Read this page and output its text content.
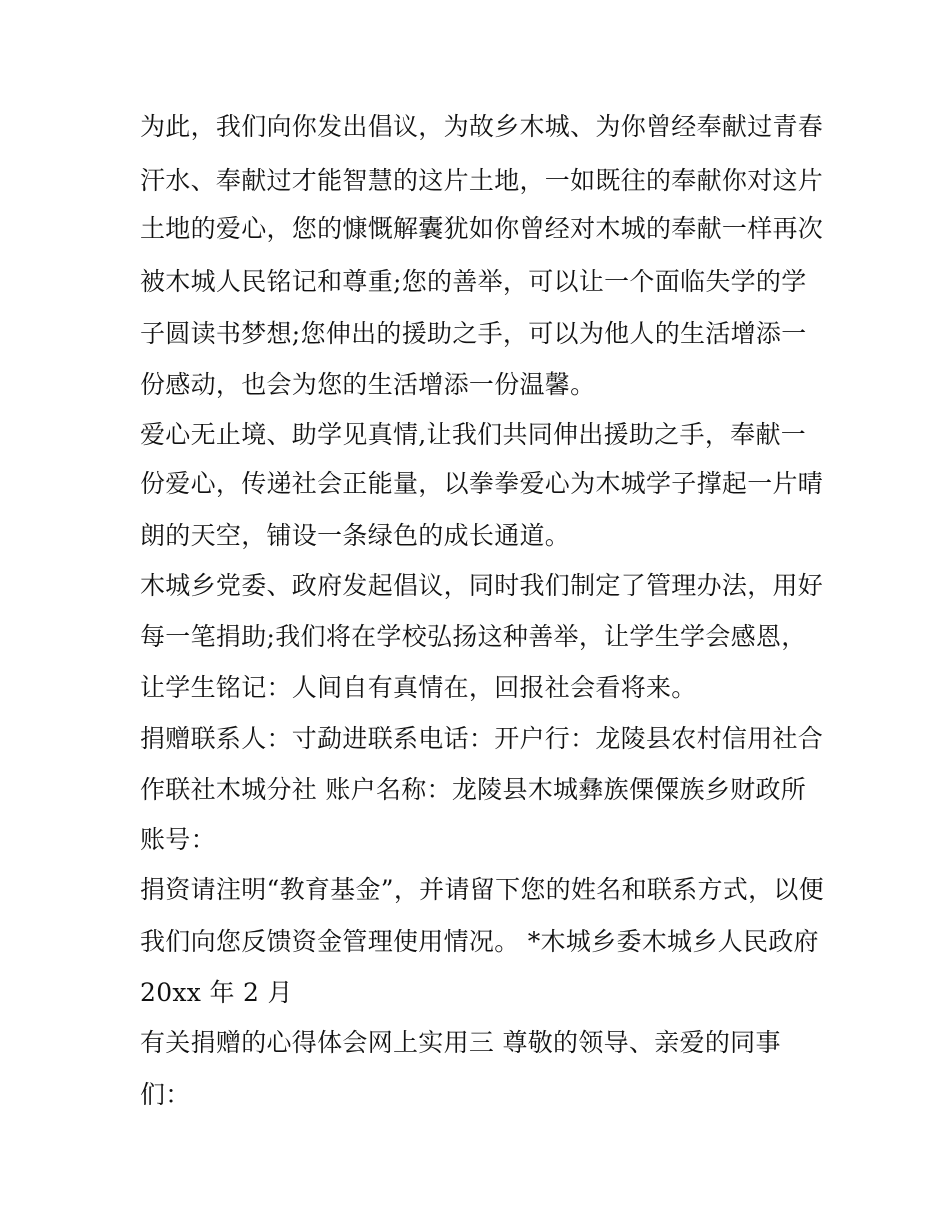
为此，我们向你发出倡议，为故乡木城、为你曾经奉献过青春

汗水、奉献过才能智慧的这片土地，一如既往的奉献你对这片

土地的爱心，您的慷慨解囊犹如你曾经对木城的奉献一样再次

被木城人民铭记和尊重;您的善举，可以让一个面临失学的学

子圆读书梦想;您伸出的援助之手，可以为他人的生活增添一

份感动，也会为您的生活增添一份温馨。

爱心无止境、助学见真情,让我们共同伸出援助之手，奉献一

份爱心，传递社会正能量，以拳拳爱心为木城学子撑起一片晴

朗的天空，铺设一条绿色的成长通道。

木城乡党委、政府发起倡议，同时我们制定了管理办法，用好

每一笔捐助;我们将在学校弘扬这种善举，让学生学会感恩，

让学生铭记：人间自有真情在，回报社会看将来。

捐赠联系人：寸勐进联系电话：开户行：龙陵县农村信用社合

作联社木城分社 账户名称：龙陵县木城彝族傈僳族乡财政所

账号：

捐资请注明“教育基金”，并请留下您的姓名和联系方式，以便

我们向您反馈资金管理使用情况。 *木城乡委木城乡人民政府

20xx 年 2 月

有关捐赠的心得体会网上实用三 尊敬的领导、亲爱的同事

们：
